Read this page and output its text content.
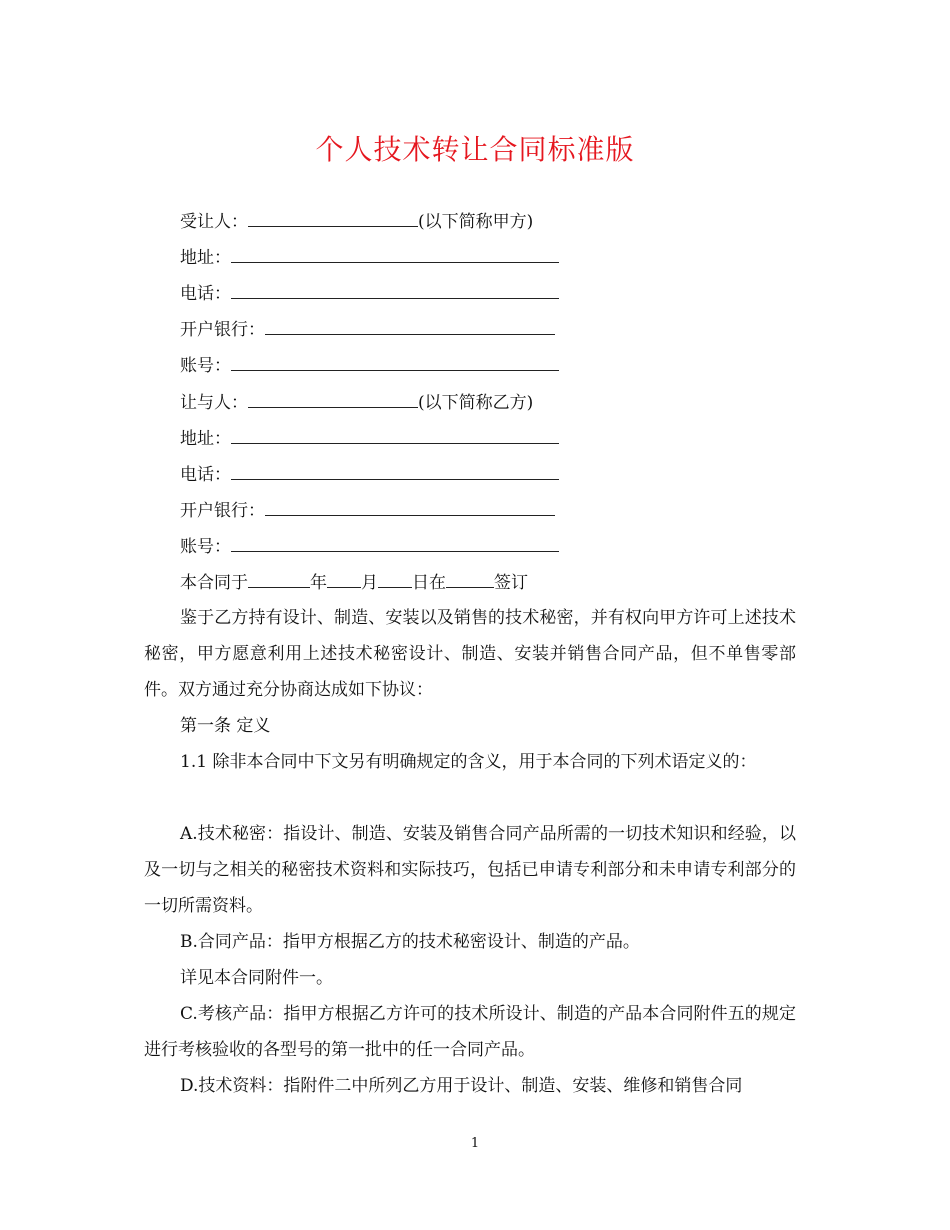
个人技术转让合同标准版
受让人：	(以下简称甲方)
地址：
电话：
开户银行：
账号：
让与人：	(以下简称乙方)
地址：
电话：
开户银行：
账号：
本合同于	年 月 日在	签订

鉴于乙方持有设计、制造、安装以及销售的技术秘密，并有权向甲方许可上述技术秘密，甲方愿意利用上述技术秘密设计、制造、安装并销售合同产品，但不单售零部件。双方通过充分协商达成如下协议：

第一条 定义

1.1 除非本合同中下文另有明确规定的含义，用于本合同的下列术语定义的：

A.技术秘密：指设计、制造、安装及销售合同产品所需的一切技术知识和经验，以及一切与之相关的秘密技术资料和实际技巧，包括已申请专利部分和未申请专利部分的一切所需资料。

B.合同产品：指甲方根据乙方的技术秘密设计、制造的产品。

详见本合同附件一。

C.考核产品：指甲方根据乙方许可的技术所设计、制造的产品本合同附件五的规定进行考核验收的各型号的第一批中的任一合同产品。

D.技术资料：指附件二中所列乙方用于设计、制造、安装、维修和销售合同

1
